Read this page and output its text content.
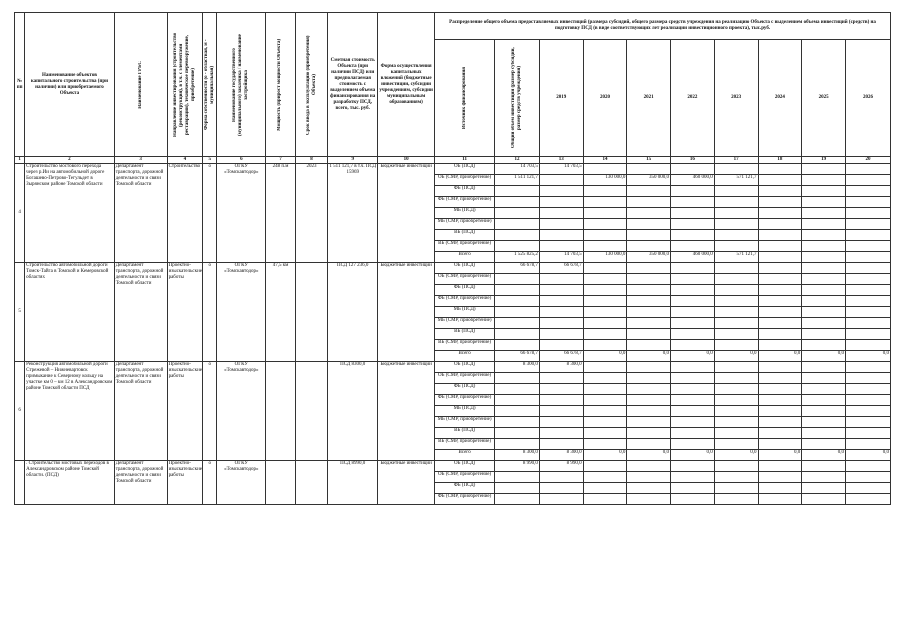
№ пп	Наименование объектов капитального строительства (при наличии) или приобретаемого Объекта	Наименование ГРБС	Направление инвестирования (строительство (реконструкция), в т.ч. с элементами реставрации), техническое перевооружение, приобретение)	Форма собственности (о - областная, м - муниципальная)	Наименование государственного (муниципального) заказчика / наименование застройщика	Мощность (прирост мощности Объекта)	Срок ввода в эксплуатацию (приобретения) Объекта)	Сметная стоимость Объекта (при наличии ПСД) или предполагаемая стоимость с выделением объема финансирования на разработку ПСД, всего, тыс. руб.	Форма осуществления капитальных вложений (бюджетные инвестиции, субсидии учреждениям, субсидии муниципальным образованиям)	Распределение общего объема предоставляемых инвестиций (размера субсидий, общего размера средств учреждения на реализацию Объекта с выделением объема инвестиций (средств) на подготовку ПСД (в виде соответствующих лет реализации инвестиционного проекта), тыс.руб.									

										Источник финансирования	Общий объем инвестиций (размер субсидий, размер средств учреждения)	2019	2020	2021	2022	2023	2024	2025	2026
1	2	3	4	5	6	7	8	9	10	11	12	13	14	15	16	17	18	19	20
4	Строительство мостового перехода через р.Ии на автомобильной дороге Богашево-Петрово-Тегульдет в Зырянском районе Томской области	Департамент транспорта, дорожной деятельности и связи Томской области	Строительство	о	ОГКУ «Томскавтодор»	248 п.м	2023	1 511 121,7 в т.ч. ПСД 15969	Бюджетные инвестиции	ОБ (ПСД)	14 703,5	14 703,5							
										ОБ (СМР, приобретение)	1 511 121,7		130 000,0	350 000,0	460 000,0	571 121,7			
										ФБ (ПСД)									
										ФБ (СМР, приобретение)									
										МБ (ПСД)									
										МБ (СМР, приобретение)									
										ВБ (ПСД)									
										ВБ (СМР, приобретение)									
										Всего	1 525 825,2	14 703,5	130 000,0	350 000,0	460 000,0	571 121,7			
5	Строительство автомобильной дороги Томск-Тайга в Томской и Кемеровской областях	Департамент транспорта, дорожной деятельности и связи Томской области	Проектно-изыскательские работы	о	ОГКУ «Томскавтодор»	47,5 км		ПСД 127 236,0	Бюджетные инвестиции	ОБ (ПСД)	66 678,7	66 678,7							
										ОБ (СМР, приобретение)									
										ФБ (ПСД)									
										ФБ (СМР, приобретение)									
										МБ (ПСД)									
										МБ (СМР, приобретение)									
										ВБ (ПСД)									
										ВБ (СМР, приобретение)									
										Всего	66 678,7	66 678,7	0,0	0,0	0,0	0,0	0,0	0,0	0,0
6	Реконструкция автомобильной дороги Стрежевой – Нижневартовск примыкание к Северному кольцу на участке км 0 – км 12 в Александровском районе Томской области ПСД	Департамент транспорта, дорожной деятельности и связи Томской области	Проектно-изыскательские работы	о	ОГКУ «Томскавтодор»			ПСД 8300,0	Бюджетные инвестиции	ОБ (ПСД)	8 300,0	8 300,0							
										ОБ (СМР, приобретение)									
										ФБ (ПСД)									
										ФБ (СМР, приобретение)									
										МБ (ПСД)									
										МБ (СМР, приобретение)									
										ВБ (ПСД)									
										ВБ (СМР, приобретение)									
										Всего	8 300,0	8 300,0	0,0	0,0	0,0	0,0	0,0	0,0	0,0
	. Строительство мостовых переходов в Александровском районе Томской области. (ПСД)	Департамент транспорта, дорожной деятельности и связи Томской области	Проектно-изыскательские работы	о	ОГКУ «Томскавтодор»			ПСД 8990,0	Бюджетные инвестиции	ОБ (ПСД)	8 990,0	8 990,0							
										ОБ (СМР, приобретение)									
										ФБ (ПСД)									
										ФБ (СМР, приобретение)									
